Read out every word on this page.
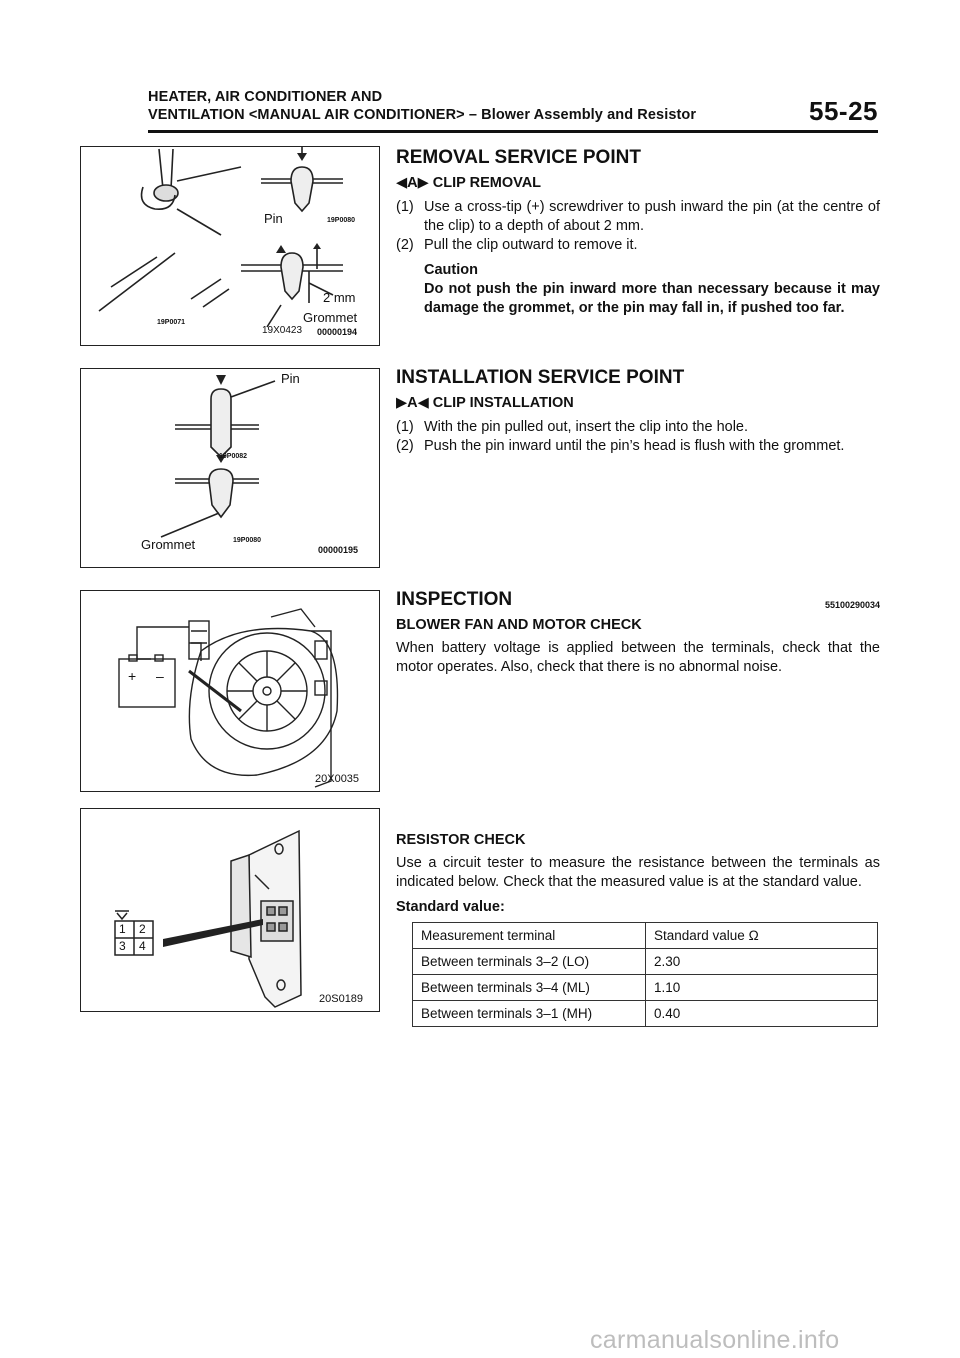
HEATER, AIR CONDITIONER AND
VENTILATION <MANUAL AIR CONDITIONER> – Blower Assembly and Resistor	55-25
Pin	19P0080
2 mm
19P0071	Grommet
19X0423 00000194
Pin
19P0082
Grommet	19P0080
00000195
+ –
20X0035
1 2
3 4
20S0189
REMOVAL SERVICE POINT
◀A▶ CLIP REMOVAL
(1) Use a cross-tip (+) screwdriver to push inward the pin (at the centre of the clip) to a depth of about 2 mm.
(2) Pull the clip outward to remove it.
Caution
Do not push the pin inward more than necessary because it may damage the grommet, or the pin may fall in, if pushed too far.
INSTALLATION SERVICE POINT
▶A◀ CLIP INSTALLATION
(1) With the pin pulled out, insert the clip into the hole.
(2) Push the pin inward until the pin’s head is flush with the grommet.
INSPECTION	55100290034
BLOWER FAN AND MOTOR CHECK

When battery voltage is applied between the terminals, check that the motor operates. Also, check that there is no abnormal noise.

RESISTOR CHECK

Use a circuit tester to measure the resistance between the terminals as indicated below. Check that the measured value is at the standard value.

Standard value:
Measurement terminal	Standard value Ω
Between terminals 3–2 (LO)	2.30
Between terminals 3–4 (ML)	1.10
Between terminals 3–1 (MH)	0.40
carmanualsonline.info
